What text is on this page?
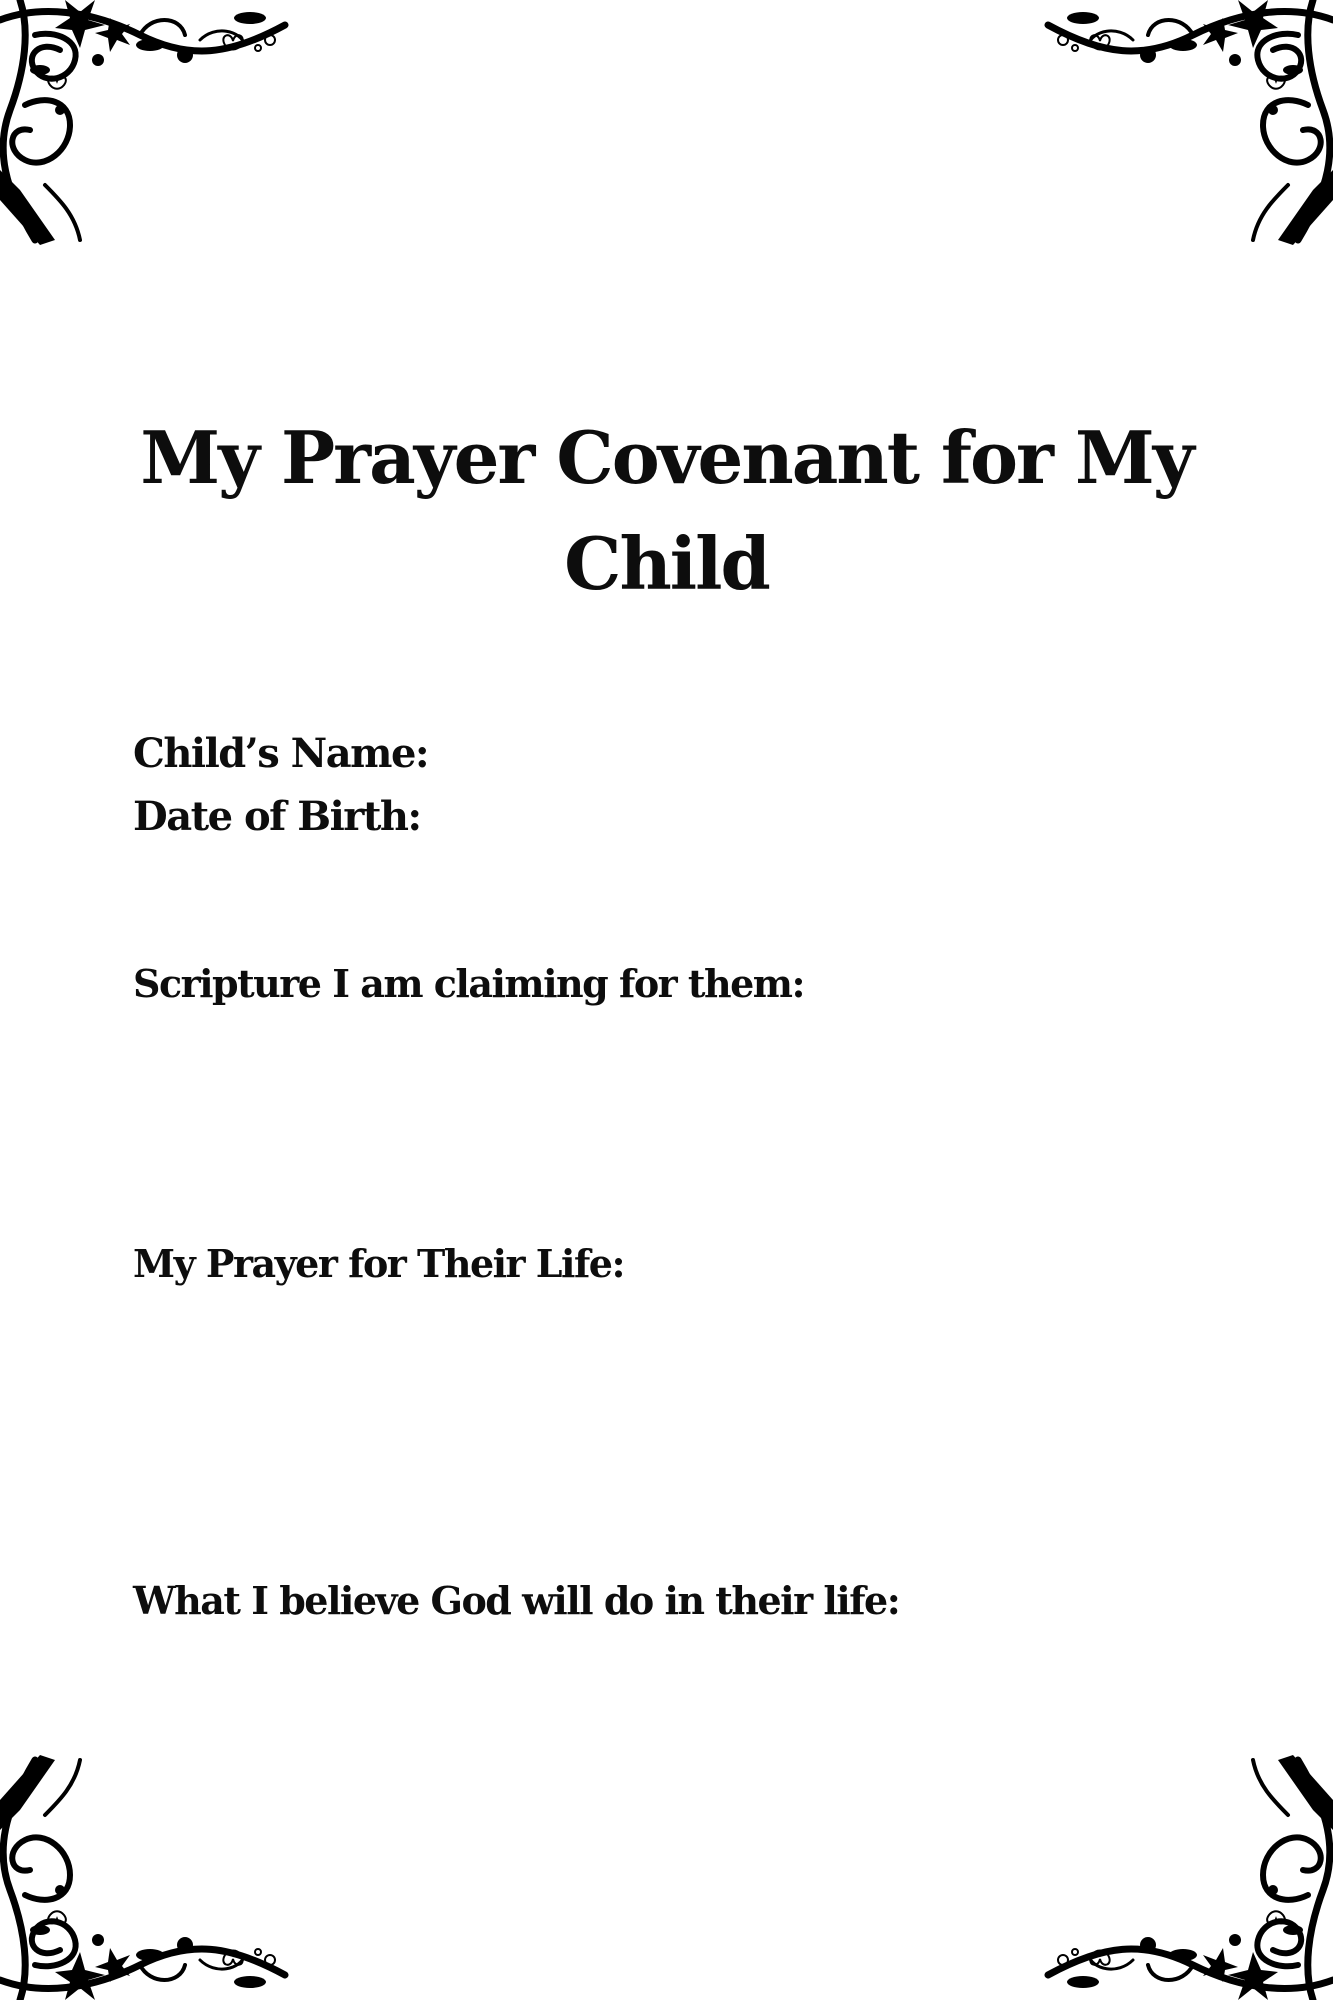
My Prayer Covenant for My Child

Child’s Name:

Date of Birth:

Scripture I am claiming for them:

My Prayer for Their Life:

What I believe God will do in their life:
